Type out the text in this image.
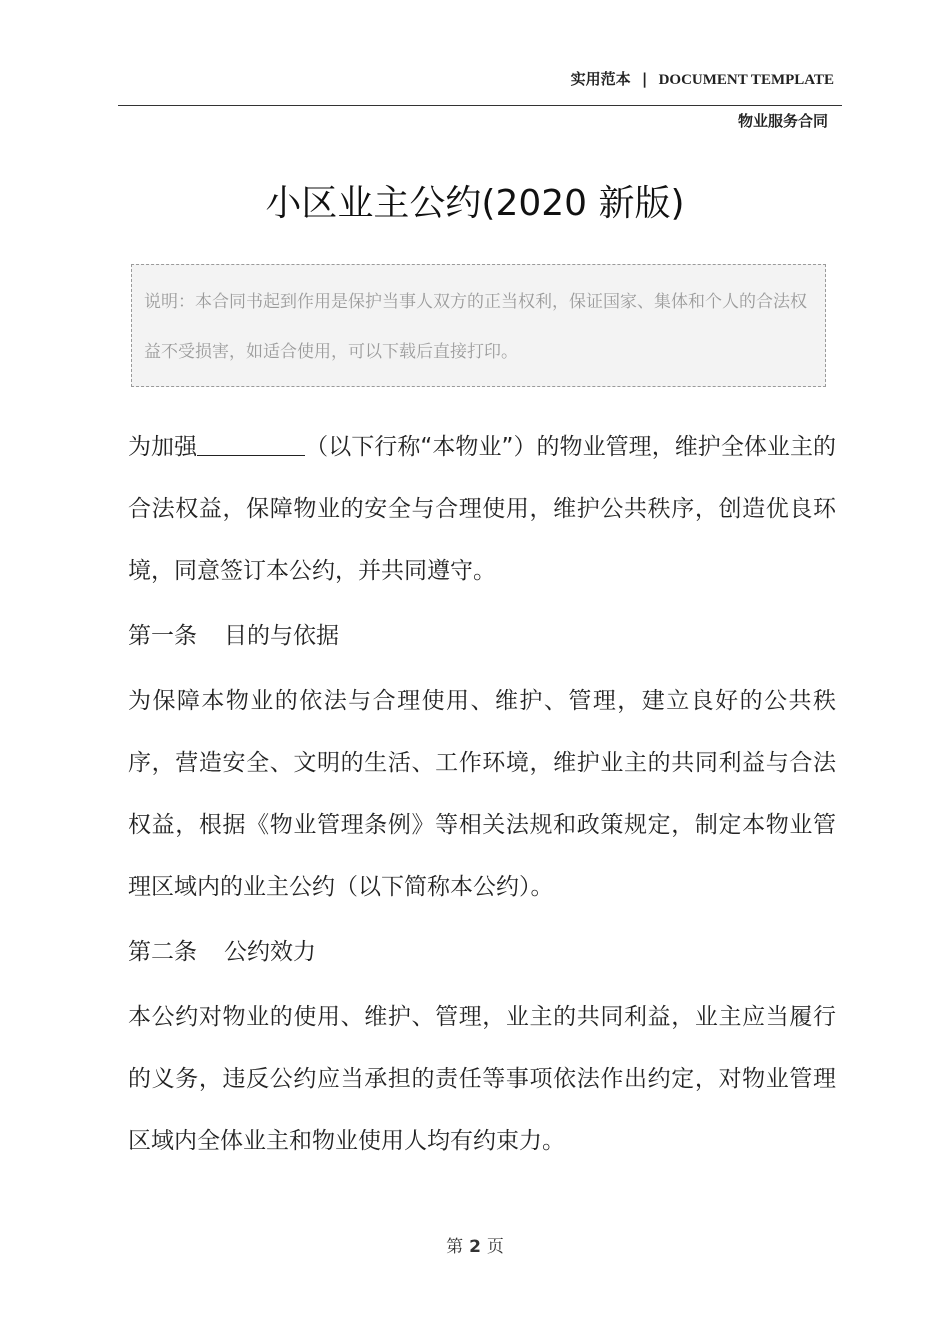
实用范本 | DOCUMENT TEMPLATE
物业服务合同
小区业主公约(2020 新版)
说明：本合同书起到作用是保护当事人双方的正当权利，保证国家、集体和个人的合法权益不受损害，如适合使用，可以下载后直接打印。

为加强	（以下行称“本物业”）的物业管理，维护全体业主的合法权益，保障物业的安全与合理使用，维护公共秩序，创造优良环境，同意签订本公约，并共同遵守。

第一条 目的与依据

为保障本物业的依法与合理使用、维护、管理，建立良好的公共秩序，营造安全、文明的生活、工作环境，维护业主的共同利益与合法权益，根据《物业管理条例》等相关法规和政策规定，制定本物业管理区域内的业主公约（以下简称本公约）。

第二条 公约效力

本公约对物业的使用、维护、管理，业主的共同利益，业主应当履行的义务，违反公约应当承担的责任等事项依法作出约定，对物业管理区域内全体业主和物业使用人均有约束力。

第 2 页
